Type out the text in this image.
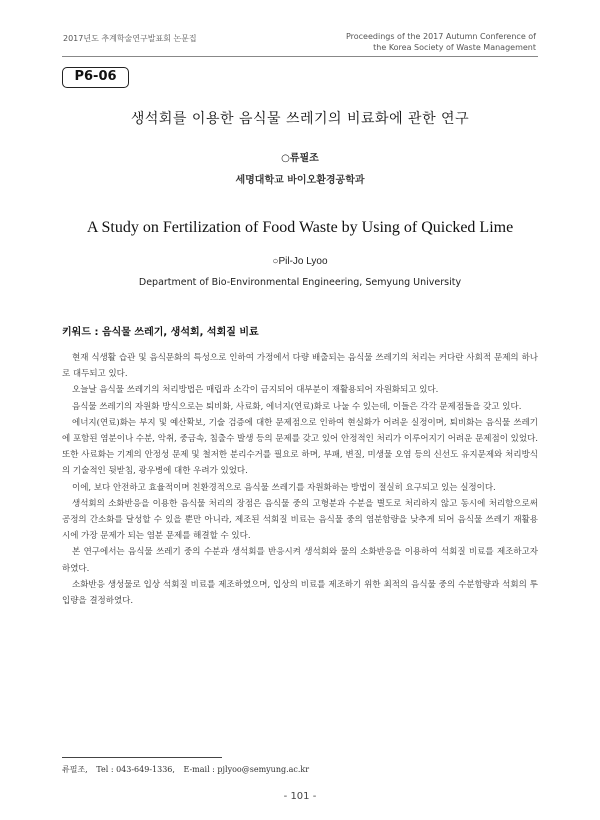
2017년도 추계학술연구발표회 논문집	Proceedings of the 2017 Autumn Conference of
the Korea Society of Waste Management
P6-06
생석회를 이용한 음식물 쓰레기의 비료화에 관한 연구
○류필조
세명대학교 바이오환경공학과
A Study on Fertilization of Food Waste by Using of Quicked Lime
○Pil-Jo Lyoo
Department of Bio-Environmental Engineering, Semyung University
키워드 : 음식물 쓰레기, 생석회, 석회질 비료

현재 식생활 습관 및 음식문화의 특성으로 인하여 가정에서 다량 배출되는 음식물 쓰레기의 처리는 커다란 사회적 문제의 하나로 대두되고 있다.

오늘날 음식물 쓰레기의 처리방법은 매립과 소각이 금지되어 대부분이 재활용되어 자원화되고 있다.

음식물 쓰레기의 자원화 방식으로는 퇴비화, 사료화, 에너지(연료)화로 나눌 수 있는데, 이들은 각각 문제점들을 갖고 있다.

에너지(연료)화는 부지 및 예산확보, 기술 검증에 대한 문제점으로 인하여 현실화가 어려운 실정이며, 퇴비화는 음식물 쓰레기에 포함된 염분이나 수분, 악취, 중금속, 침출수 발생 등의 문제를 갖고 있어 안정적인 처리가 이루어지기 어려운 문제점이 있었다. 또한 사료화는 기계의 안정성 문제 및 철저한 분리수거를 필요로 하며, 부패, 변질, 미생물 오염 등의 신선도 유지문제와 처리방식의 기술적인 뒷받침, 광우병에 대한 우려가 있었다.

이에, 보다 안전하고 효율적이며 친환경적으로 음식물 쓰레기를 자원화하는 방법이 절실히 요구되고 있는 실정이다.

생석회의 소화반응을 이용한 음식물 처리의 장점은 음식물 중의 고형분과 수분을 별도로 처리하지 않고 동시에 처리함으로써 공정의 간소화를 달성할 수 있을 뿐만 아니라, 제조된 석회질 비료는 음식물 중의 염분함량을 낮추게 되어 음식물 쓰레기 재활용 시에 가장 문제가 되는 염분 문제를 해결할 수 있다.

본 연구에서는 음식물 쓰레기 중의 수분과 생석회를 반응시켜 생석회와 물의 소화반응을 이용하여 석회질 비료를 제조하고자 하였다.

소화반응 생성물로 입상 석회질 비료를 제조하였으며, 입상의 비료를 제조하기 위한 최적의 음식물 중의 수분함량과 석회의 투입량을 결정하였다.

류필조, Tel : 043-649-1336, E-mail : pjlyoo@semyung.ac.kr
- 101 -
